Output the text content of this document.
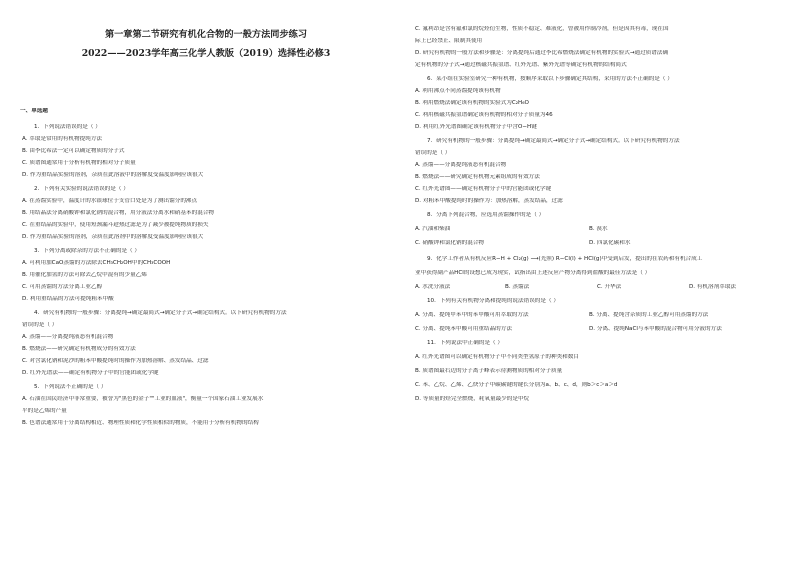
第一章第二节研究有机化合物的一般方法同步练习
2022——2023学年高三化学人教版（2019）选择性必修3
一、单选题
1．下列说法错误的是（ ）
A. 萃取是常用的有机物提纯方法
B. 由李比希法一定可以确定物质的分子式
C. 质谱图通常用于分析有机物的相对分子质量
D. 作为重结晶实验的溶剂，杂质在此溶液中的溶解度受温度影响应该很大
2．下列有关实验的说法错误的是（ ）
A. 在蒸馏实验中，温度计的水银球位于支管口处是为了测出馏分的沸点
B. 用结晶法分离硝酸钾和氯化钠的混合物，用分液法分离水和硝基苯的混合物
C. 在重结晶的实验中，使用短颈漏斗趁热过滤是为了减少被提纯物质的损失
D. 作为重结晶实验的溶剂，杂质在此溶剂中的溶解度受温度影响应该很大
3．下列分离或除杂的方法不正确的是（ ）
A. 可利用加CaO蒸馏的方法除去CH₃CH₂OH中的CH₃COOH
B. 用催化加氢的方法可除去乙烷中混有的少量乙烯
C. 可用蒸馏的方法分离工业乙醇
D. 利用重结晶的方法可提纯粗苯甲酸
4．研究有机物的一般步骤：分离提纯→确定最简式→确定分子式→确定结构式。以下研究有机物的方法
错误的是（ ）
A. 蒸馏——分离提纯液态有机混合物
B. 燃烧法——研究确定有机物成分的有效方法
C. 对含氯化钠和泥沙的粗苯甲酸提纯时的操作为加热溶解、蒸发结晶、过滤
D. 红外光谱法——确定有机物分子中的官能团或化学键
5．下列说法不正确的是（ ）
A. 石油在国民经济中非常重要，被誉为"黑色的金子""工业的血液"，衡量一个国家石油工业发展水
平的是乙烯的产量
B. 色谱法通常用于分离结构相近、物理性质和化学性质相似的物质，不能用于分析有机物的结构
C. 氟利昂是含有氟和氯的烷烃衍生物，性质不稳定、难液化，曾被用作制冷剂，但是因其有毒，现在国
际上已经禁止、限制其使用
D. 研究有机物的一般方法和步骤是：分离提纯后通过李比希燃烧法确定有机物的实验式→通过质谱法确
定有机物的分子式→通过核磁共振氢谱、红外光谱、紫外光谱等确定有机物的结构简式
6．某小组在实验室研究一种有机物，按顺序采取以下步骤确定其结构，采用的方法不正确的是（ ）
A. 利用沸点不同蒸馏提纯该有机物
B. 利用燃烧法确定该有机物的实验式为C₂H₆O
C. 利用核磁共振氢谱确定该有机物的相对分子质量为46
D. 利用红外光谱图确定该有机物分子中含O−H键
7．研究有机物的一般步骤：分离提纯→确定最简式→确定分子式→确定结构式。以下研究有机物的方法
错误的是（ ）
A. 蒸馏——分离提纯液态有机混合物
B. 燃烧法——研究确定有机物元素组成的有效方法
C. 红外光谱图——确定有机物分子中的官能团或化学键
D. 对粗苯甲酸提纯时的操作为：加热溶解，蒸发结晶，过滤
8．分离下列混合物，应选用蒸馏操作的是（ ）
A. 汽油和柴油	B. 溴水
C. 硝酸钾和氯化钠的混合物	D. 四氯化碳和水
9．化学工作者从有机反应R−H + Cl₂(g) ⟶(光照) R−Cl(l) + HCl(g)中受到启发，提出的在农药和有机合成工
业中获得副产品HCl的设想已成为现实，试指出由上述反应产物分离得到盐酸的最佳方法是（ ）
A. 水洗分液法	B. 蒸馏法	C. 升华法	D. 有机溶剂萃取法
10．下列有关有机物分离和提纯的说法错误的是（ ）
A. 分离、提纯甲苯中的苯甲酸可用萃取的方法	B. 分离、提纯含杂质的工业乙醇可用蒸馏的方法
C. 分离、提纯苯甲酸可用重结晶的方法	D. 分离、提纯NaCl与苯甲酸的混合物可用分液的方法
11．下列说法中正确的是（ ）
A. 红外光谱图可以确定有机物分子中不同类型氢原子的种类和数目
B. 质谱图最右边的分子离子峰表示待测物质的相对分子质量
C. 苯、乙烷、乙烯、乙炔分子中碳碳键的键长分别为a、b、c、d，则b＞c＞a＞d
D. 等质量的烃完全燃烧，耗氧量最少的是甲烷
